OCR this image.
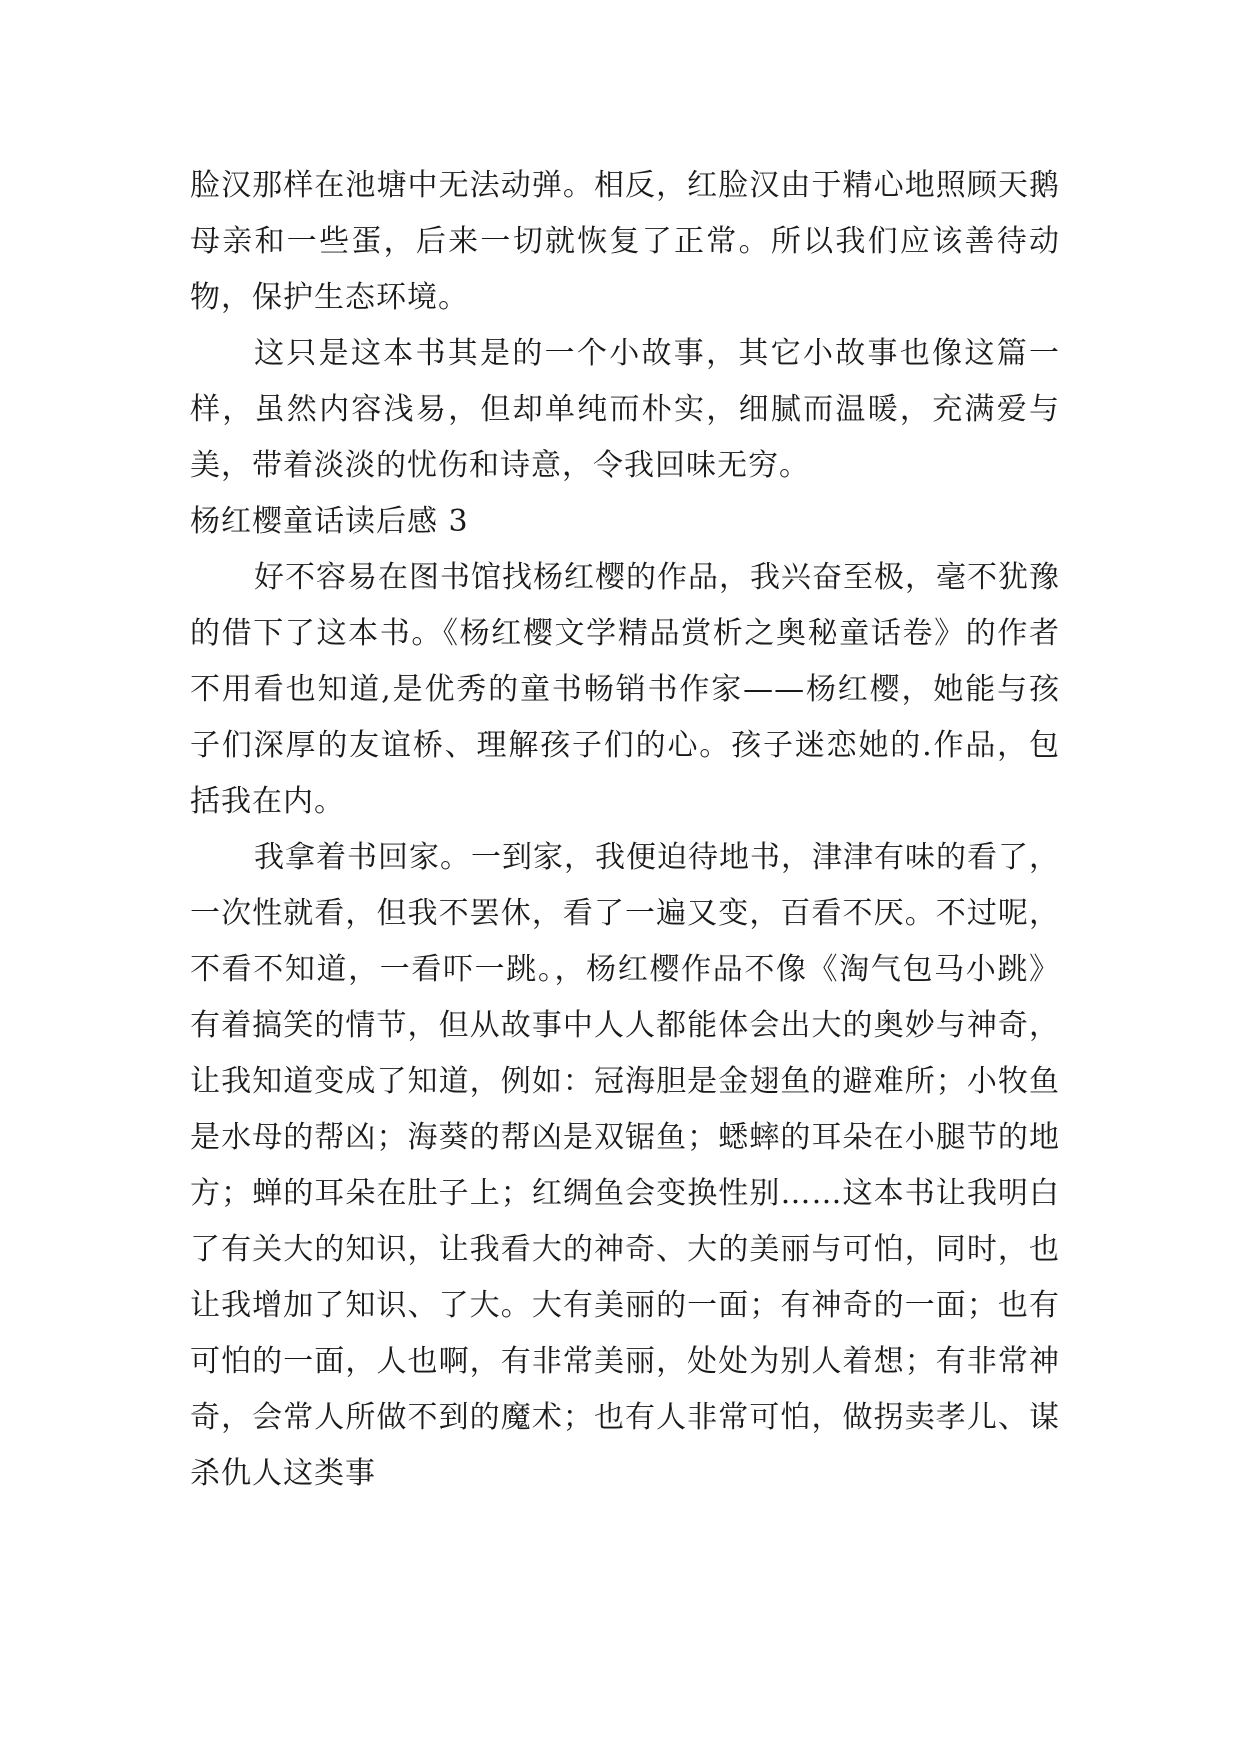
脸汉那样在池塘中无法动弹。相反，红脸汉由于精心地照顾天鹅母亲和一些蛋，后来一切就恢复了正常。所以我们应该善待动物，保护生态环境。

这只是这本书其是的一个小故事，其它小故事也像这篇一样，虽然内容浅易，但却单纯而朴实，细腻而温暖，充满爱与美，带着淡淡的忧伤和诗意，令我回味无穷。

杨红樱童话读后感 3

好不容易在图书馆找杨红樱的作品，我兴奋至极，毫不犹豫的借下了这本书。《杨红樱文学精品赏析之奥秘童话卷》的作者不用看也知道,是优秀的童书畅销书作家——杨红樱，她能与孩子们深厚的友谊桥、理解孩子们的心。孩子迷恋她的.作品，包括我在内。

我拿着书回家。一到家，我便迫待地书，津津有味的看了，一次性就看，但我不罢休，看了一遍又变，百看不厌。不过呢，不看不知道，一看吓一跳。，杨红樱作品不像《淘气包马小跳》有着搞笑的情节，但从故事中人人都能体会出大的奥妙与神奇，让我知道变成了知道，例如：冠海胆是金翅鱼的避难所；小牧鱼是水母的帮凶；海葵的帮凶是双锯鱼；蟋蟀的耳朵在小腿节的地方；蝉的耳朵在肚子上；红绸鱼会变换性别……这本书让我明白了有关大的知识，让我看大的神奇、大的美丽与可怕，同时，也让我增加了知识、了大。大有美丽的一面；有神奇的一面；也有可怕的一面，人也啊，有非常美丽，处处为别人着想；有非常神奇，会常人所做不到的魔术；也有人非常可怕，做拐卖孝儿、谋杀仇人这类事
